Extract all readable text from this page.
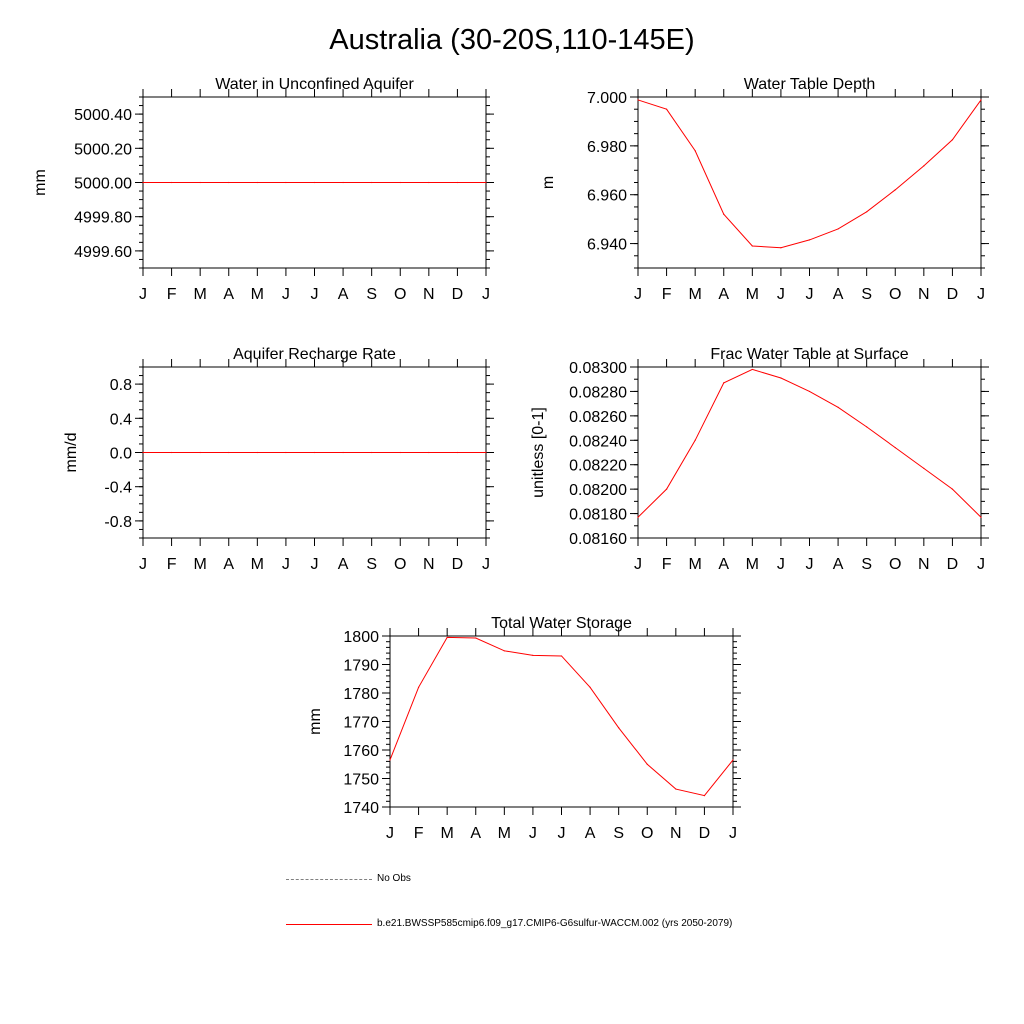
Australia (30-20S,110-145E)
Water in Unconfined Aquifer
J F M A M J J A S O N D J
4999.60
4999.80
5000.00
5000.20
5000.40
mm
Water Table Depth
J F M A M J J A S O N D J
6.940
6.960
6.980
7.000
m
Aquifer Recharge Rate
J F M A M J J A S O N D J
-0.8
-0.4
0.0
0.4
0.8
mm/d
Frac Water Table at Surface
J F M A M J J A S O N D J
0.08160
0.08180
0.08200
0.08220
0.08240
0.08260
0.08280
0.08300
unitless [0-1]
Total Water Storage
J F M A M J J A S O N D J
1740
1750
1760
1770
1780
1790
1800
mm
No Obs
b.e21.BWSSP585cmip6.f09_g17.CMIP6-G6sulfur-WACCM.002 (yrs 2050-2079)
